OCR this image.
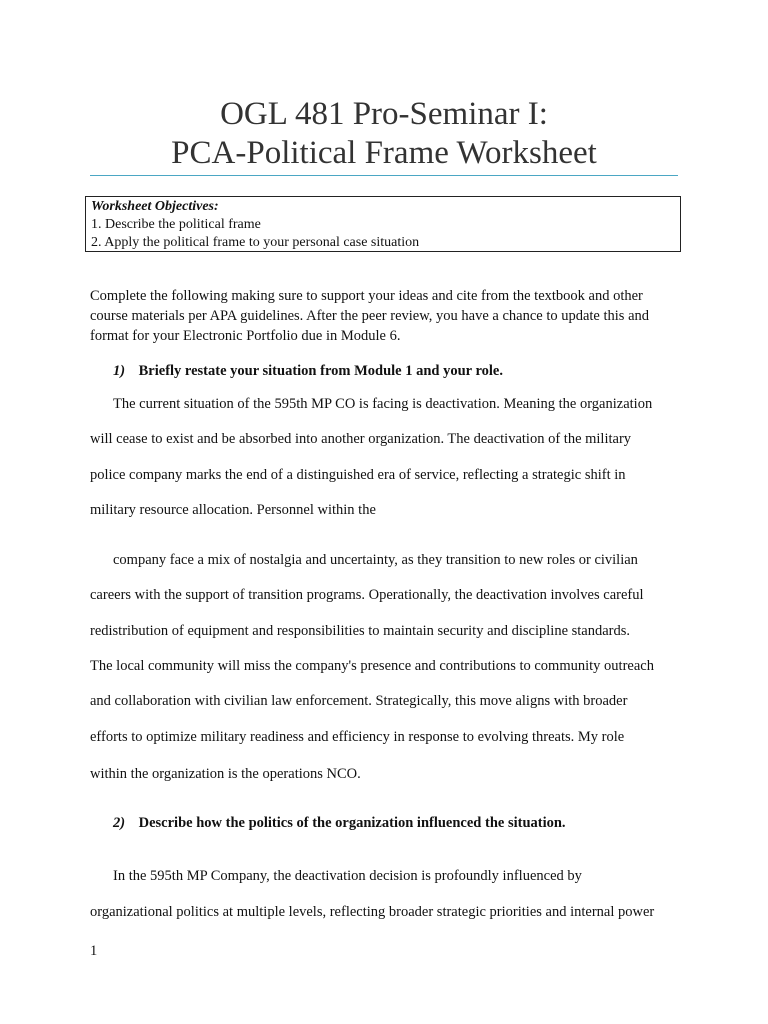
OGL 481 Pro-Seminar I:
PCA-Political Frame Worksheet
Worksheet Objectives:
1. Describe the political frame
2. Apply the political frame to your personal case situation
Complete the following making sure to support your ideas and cite from the textbook and other
course materials per APA guidelines. After the peer review, you have a chance to update this and
format for your Electronic Portfolio due in Module 6.

1) Briefly restate your situation from Module 1 and your role.

The current situation of the 595th MP CO is facing is deactivation. Meaning the organization

will cease to exist and be absorbed into another organization. The deactivation of the military

police company marks the end of a distinguished era of service, reflecting a strategic shift in

military resource allocation. Personnel within the

company face a mix of nostalgia and uncertainty, as they transition to new roles or civilian

careers with the support of transition programs. Operationally, the deactivation involves careful

redistribution of equipment and responsibilities to maintain security and discipline standards.

The local community will miss the company's presence and contributions to community outreach

and collaboration with civilian law enforcement. Strategically, this move aligns with broader

efforts to optimize military readiness and efficiency in response to evolving threats. My role

within the organization is the operations NCO.

2) Describe how the politics of the organization influenced the situation.

In the 595th MP Company, the deactivation decision is profoundly influenced by

organizational politics at multiple levels, reflecting broader strategic priorities and internal power

1
